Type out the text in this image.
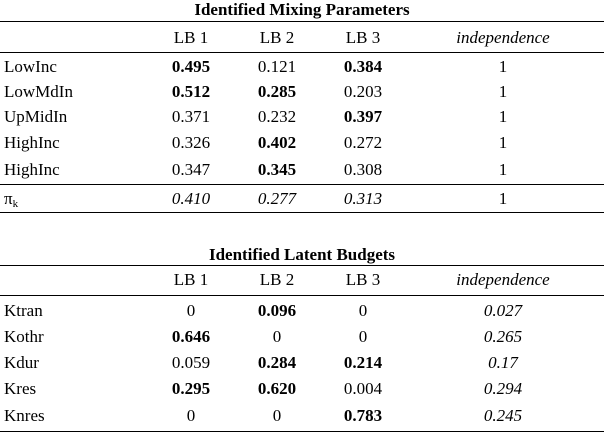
Identified Mixing Parameters
LB 1	LB 2	LB 3	independence
LowInc	0.495	0.121	0.384	1
LowMdIn	0.512	0.285	0.203	1
UpMidIn	0.371	0.232	0.397	1
HighInc	0.326	0.402	0.272	1
HighInc	0.347	0.345	0.308	1
$\pi_k$	0.410	0.277	0.313	1
Identified Latent Budgets
LB 1	LB 2	LB 3	independence
Ktran	0	0.096	0	0.027
Kothr	0.646	0	0	0.265
Kdur	0.059	0.284	0.214	0.17
Kres	0.295	0.620	0.004	0.294
Knres	0	0	0.783	0.245
